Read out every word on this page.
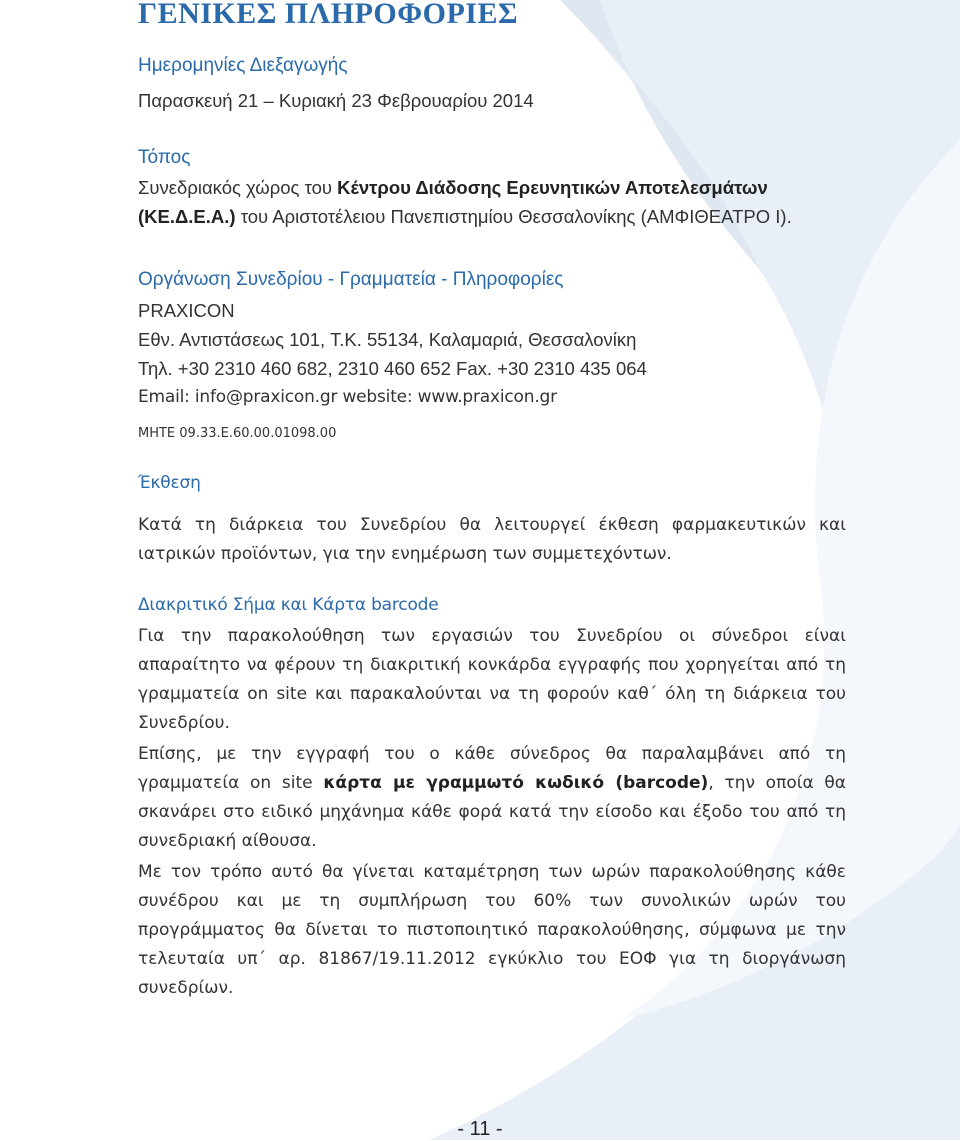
ΓΕΝΙΚΕΣ ΠΛΗΡΟΦΟΡΙΕΣ

Ημερομηνίες Διεξαγωγής

Παρασκευή 21 – Κυριακή 23 Φεβρουαρίου 2014

Τόπος

Συνεδριακός χώρος του Κέντρου Διάδοσης Ερευνητικών Αποτελεσμάτων

(ΚΕ.Δ.Ε.Α.) του Αριστοτέλειου Πανεπιστημίου Θεσσαλονίκης (ΑΜΦΙΘΕΑΤΡΟ Ι).

Οργάνωση Συνεδρίου - Γραμματεία - Πληροφορίες

PRAXICON

Εθν. Αντιστάσεως 101, Τ.Κ. 55134, Καλαμαριά, Θεσσαλονίκη

Τηλ. +30 2310 460 682, 2310 460 652 Fax. +30 2310 435 064

Email: info@praxicon.gr website: www.praxicon.gr

ΜΗΤΕ 09.33.Ε.60.00.01098.00

Έκθεση

Κατά τη διάρκεια του Συνεδρίου θα λειτουργεί έκθεση φαρμακευτικών και ιατρικών προϊόντων, για την ενημέρωση των συμμετεχόντων.

Διακριτικό Σήμα και Κάρτα barcode

Για την παρακολούθηση των εργασιών του Συνεδρίου οι σύνεδροι είναι απαραίτητο να φέρουν τη διακριτική κονκάρδα εγγραφής που χορηγείται από τη γραμματεία on site και παρακαλούνται να τη φορούν καθ΄ όλη τη διάρκεια του Συνεδρίου.

Επίσης, με την εγγραφή του ο κάθε σύνεδρος θα παραλαμβάνει από τη γραμματεία on site κάρτα με γραμμωτό κωδικό (barcode), την οποία θα σκανάρει στο ειδικό μηχάνημα κάθε φορά κατά την είσοδο και έξοδο του από τη συνεδριακή αίθουσα.

Με τον τρόπο αυτό θα γίνεται καταμέτρηση των ωρών παρακολούθησης κάθε συνέδρου και με τη συμπλήρωση του 60% των συνολικών ωρών του προγράμματος θα δίνεται το πιστοποιητικό παρακολούθησης, σύμφωνα με την τελευταία υπ΄ αρ. 81867/19.11.2012 εγκύκλιο του ΕΟΦ για τη διοργάνωση συνεδρίων.

- 11 -
